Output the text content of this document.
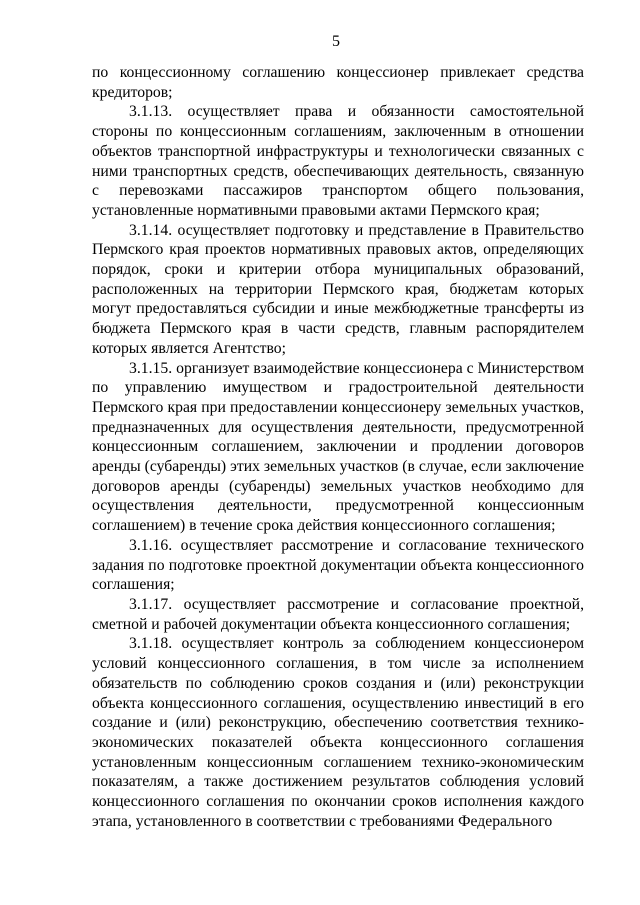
5

по концессионному соглашению концессионер привлекает средства кредиторов;

3.1.13. осуществляет права и обязанности самостоятельной стороны по концессионным соглашениям, заключенным в отношении объектов транспортной инфраструктуры и технологически связанных с ними транспортных средств, обеспечивающих деятельность, связанную с перевозками пассажиров транспортом общего пользования, установленные нормативными правовыми актами Пермского края;

3.1.14. осуществляет подготовку и представление в Правительство Пермского края проектов нормативных правовых актов, определяющих порядок, сроки и критерии отбора муниципальных образований, расположенных на территории Пермского края, бюджетам которых могут предоставляться субсидии и иные межбюджетные трансферты из бюджета Пермского края в части средств, главным распорядителем которых является Агентство;

3.1.15. организует взаимодействие концессионера с Министерством по управлению имуществом и градостроительной деятельности Пермского края при предоставлении концессионеру земельных участков, предназначенных для осуществления деятельности, предусмотренной концессионным соглашением, заключении и продлении договоров аренды (субаренды) этих земельных участков (в случае, если заключение договоров аренды (субаренды) земельных участков необходимо для осуществления деятельности, предусмотренной концессионным соглашением) в течение срока действия концессионного соглашения;

3.1.16. осуществляет рассмотрение и согласование технического задания по подготовке проектной документации объекта концессионного соглашения;

3.1.17. осуществляет рассмотрение и согласование проектной, сметной и рабочей документации объекта концессионного соглашения;

3.1.18. осуществляет контроль за соблюдением концессионером условий концессионного соглашения, в том числе за исполнением обязательств по соблюдению сроков создания и (или) реконструкции объекта концессионного соглашения, осуществлению инвестиций в его создание и (или) реконструкцию, обеспечению соответствия технико-экономических показателей объекта концессионного соглашения установленным концессионным соглашением технико-экономическим показателям, а также достижением результатов соблюдения условий концессионного соглашения по окончании сроков исполнения каждого этапа, установленного в соответствии с требованиями Федерального
